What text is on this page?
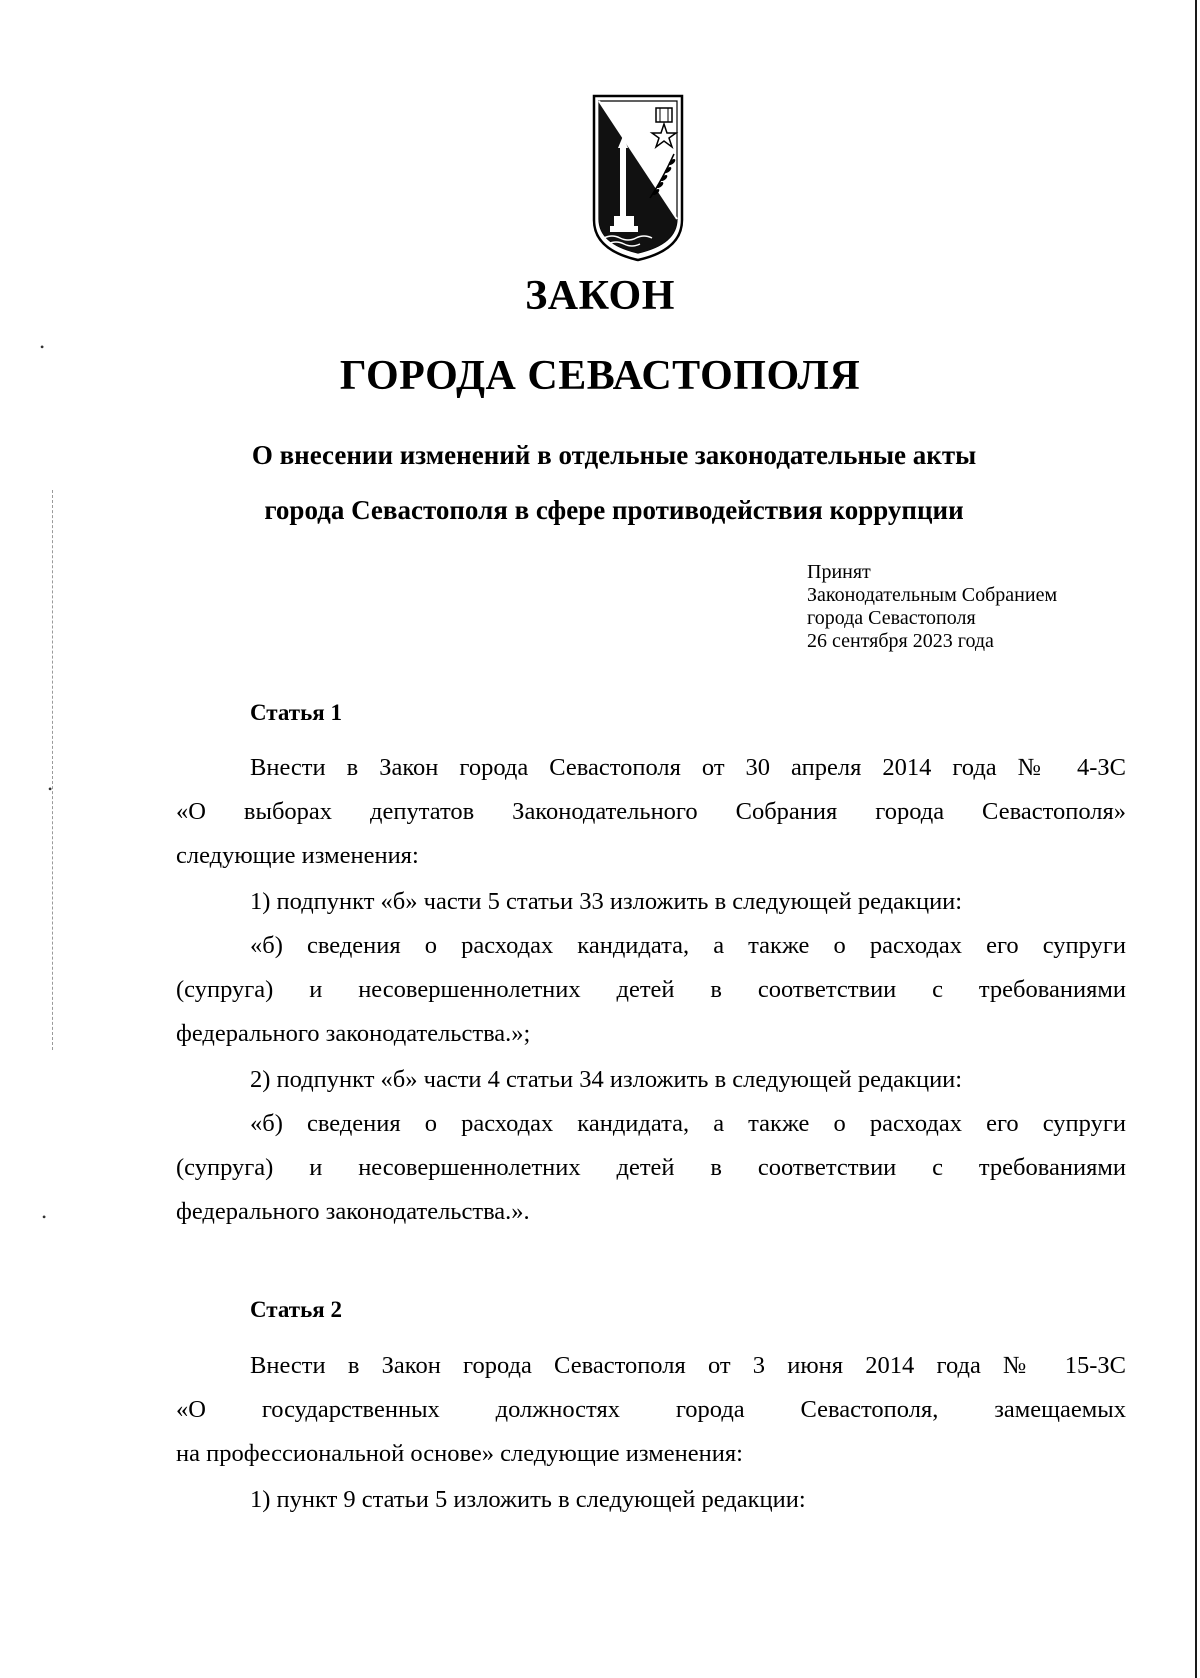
•
•
•
ЗАКОН
ГОРОДА СЕВАСТОПОЛЯ
О внесении изменений в отдельные законодательные акты
города Севастополя в сфере противодействия коррупции
Принят
Законодательным Собранием
города Севастополя
26 сентября 2023 года
Статья 1
Внести в Закон города Севастополя от 30 апреля 2014 года № 4-ЗС
«О выборах депутатов Законодательного Собрания города Севастополя»
следующие изменения:
1) подпункт «б» части 5 статьи 33 изложить в следующей редакции:
«б) сведения о расходах кандидата, а также о расходах его супруги
(супруга) и несовершеннолетних детей в соответствии с требованиями
федерального законодательства.»;
2) подпункт «б» части 4 статьи 34 изложить в следующей редакции:
«б) сведения о расходах кандидата, а также о расходах его супруги
(супруга) и несовершеннолетних детей в соответствии с требованиями
федерального законодательства.».
Статья 2
Внести в Закон города Севастополя от 3 июня 2014 года № 15-ЗС
«О государственных должностях города Севастополя, замещаемых
на профессиональной основе» следующие изменения:
1) пункт 9 статьи 5 изложить в следующей редакции:
